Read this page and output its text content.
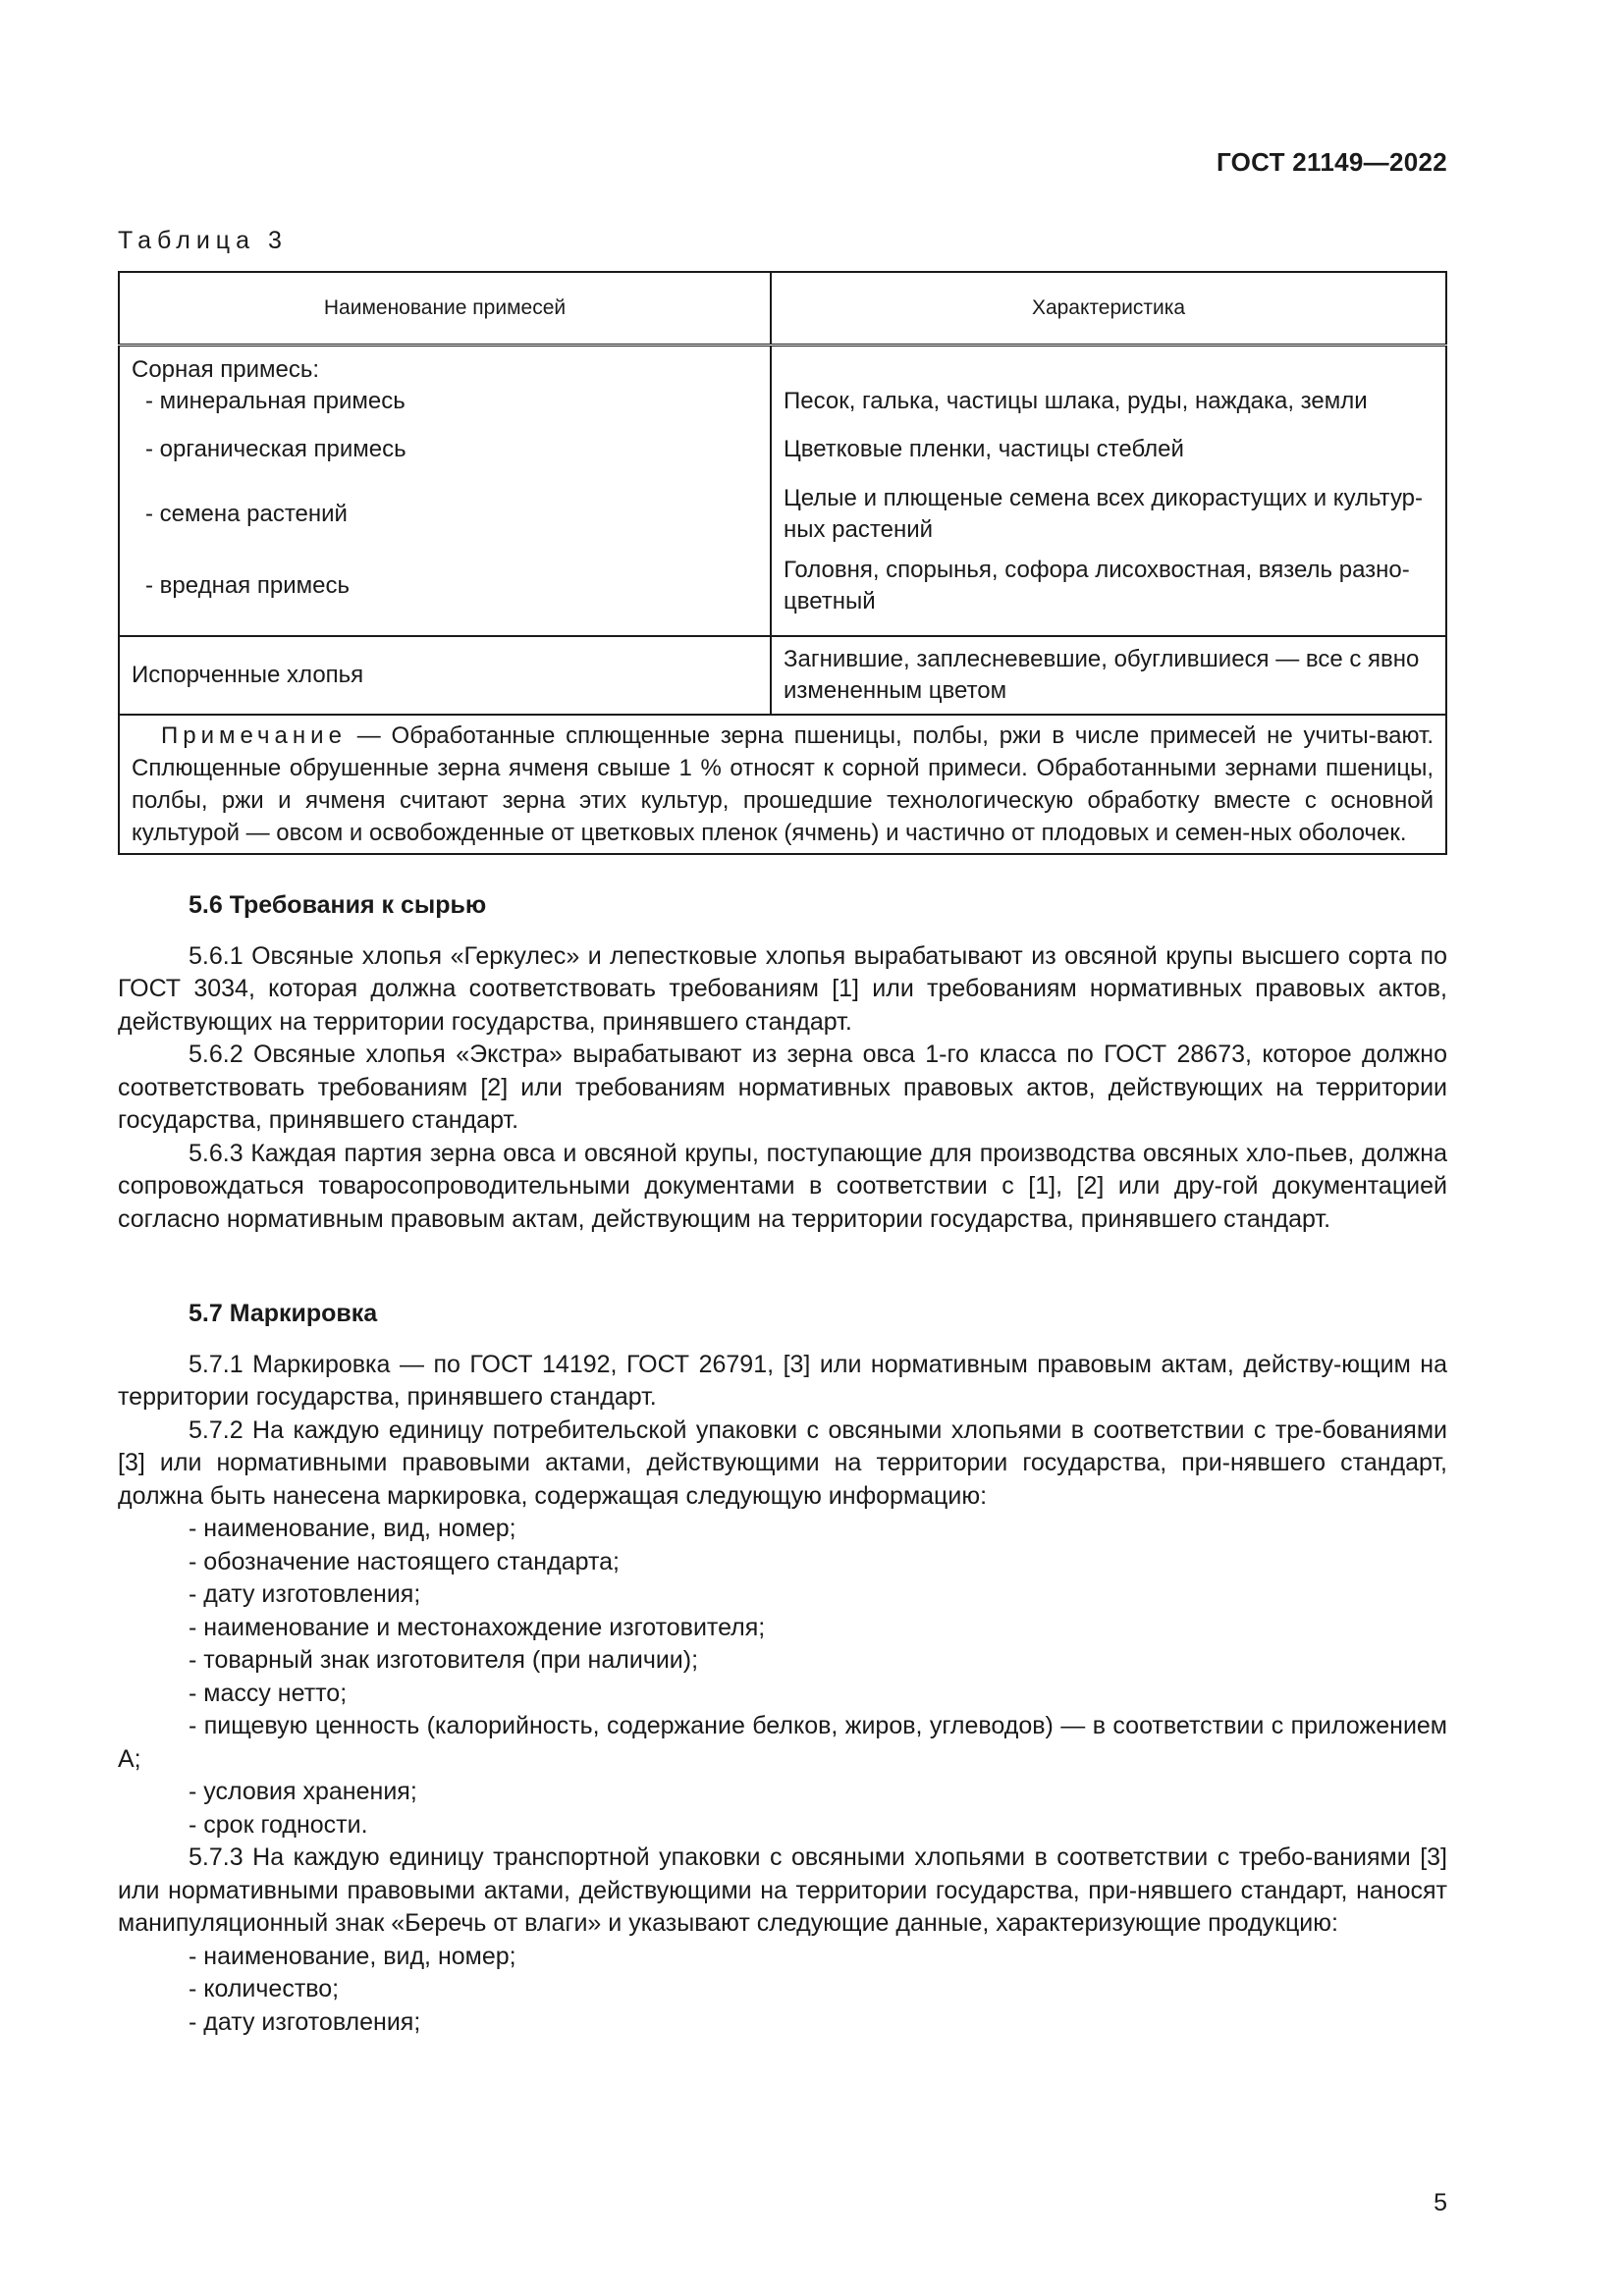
ГОСТ 21149—2022
Таблица 3
Наименование примесей	Характеристика
Сорная примесь:	
- минеральная примесь	Песок, галька, частицы шлака, руды, наждака, земли
- органическая примесь	Цветковые пленки, частицы стеблей
- семена растений	Целые и плющеные семена всех дикорастущих и культур-ных растений
- вредная примесь	Головня, спорынья, софора лисохвостная, вязель разно-цветный
Испорченные хлопья	Загнившие, заплесневевшие, обуглившиеся — все с явно измененным цветом
Примечание — Обработанные сплющенные зерна пшеницы, полбы, ржи в числе примесей не учиты-вают. Сплющенные обрушенные зерна ячменя свыше 1 % относят к сорной примеси. Обработанными зернами пшеницы, полбы, ржи и ячменя считают зерна этих культур, прошедшие технологическую обработку вместе с основной культурой — овсом и освобожденные от цветковых пленок (ячмень) и частично от плодовых и семен-ных оболочек.	
5.6 Требования к сырью

5.6.1 Овсяные хлопья «Геркулес» и лепестковые хлопья вырабатывают из овсяной крупы высшего сорта по ГОСТ 3034, которая должна соответствовать требованиям [1] или требованиям нормативных правовых актов, действующих на территории государства, принявшего стандарт.

5.6.2 Овсяные хлопья «Экстра» вырабатывают из зерна овса 1-го класса по ГОСТ 28673, которое должно соответствовать требованиям [2] или требованиям нормативных правовых актов, действующих на территории государства, принявшего стандарт.

5.6.3 Каждая партия зерна овса и овсяной крупы, поступающие для производства овсяных хло-пьев, должна сопровождаться товаросопроводительными документами в соответствии с [1], [2] или дру-гой документацией согласно нормативным правовым актам, действующим на территории государства, принявшего стандарт.

5.7 Маркировка

5.7.1 Маркировка — по ГОСТ 14192, ГОСТ 26791, [3] или нормативным правовым актам, действу-ющим на территории государства, принявшего стандарт.

5.7.2 На каждую единицу потребительской упаковки с овсяными хлопьями в соответствии с тре-бованиями [3] или нормативными правовыми актами, действующими на территории государства, при-нявшего стандарт, должна быть нанесена маркировка, содержащая следующую информацию:

- наименование, вид, номер;

- обозначение настоящего стандарта;

- дату изготовления;

- наименование и местонахождение изготовителя;

- товарный знак изготовителя (при наличии);

- массу нетто;

- пищевую ценность (калорийность, содержание белков, жиров, углеводов) — в соответствии с приложением А;

- условия хранения;

- срок годности.

5.7.3 На каждую единицу транспортной упаковки с овсяными хлопьями в соответствии с требо-ваниями [3] или нормативными правовыми актами, действующими на территории государства, при-нявшего стандарт, наносят манипуляционный знак «Беречь от влаги» и указывают следующие данные, характеризующие продукцию:

- наименование, вид, номер;

- количество;

- дату изготовления;

5
